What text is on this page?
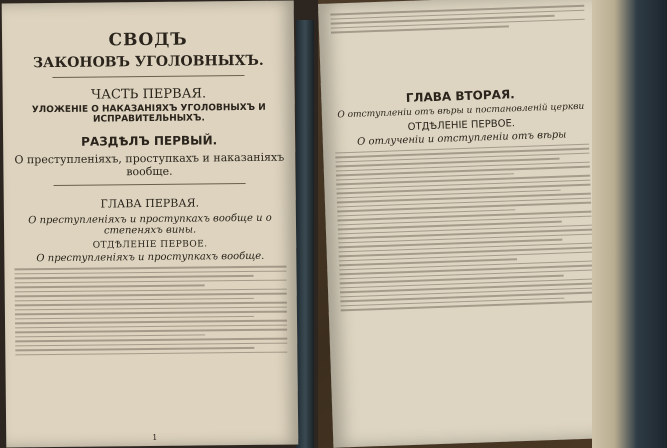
СВОДЪ
ЗАКОНОВЪ УГОЛОВНЫХЪ.
ЧАСТЬ ПЕРВАЯ.
УЛОЖЕНІЕ О НАКАЗАНІЯХЪ УГОЛОВНЫХЪ И ИСПРАВИТЕЛЬНЫХЪ.
РАЗДѢЛЪ ПЕРВЫЙ.
О преступленіяхъ, проступкахъ и наказаніяхъ вообще.
ГЛАВА ПЕРВАЯ.
О преступленіяхъ и проступкахъ вообще и о степеняхъ вины.
ОТДѢЛЕНІЕ ПЕРВОЕ.
О преступленіяхъ и проступкахъ вообще.
1
ГЛАВА ВТОРАЯ.
О отступленіи отъ вѣры и постановленій церкви
ОТДѢЛЕНІЕ ПЕРВОЕ.
О отлученіи и отступленіи отъ вѣры
